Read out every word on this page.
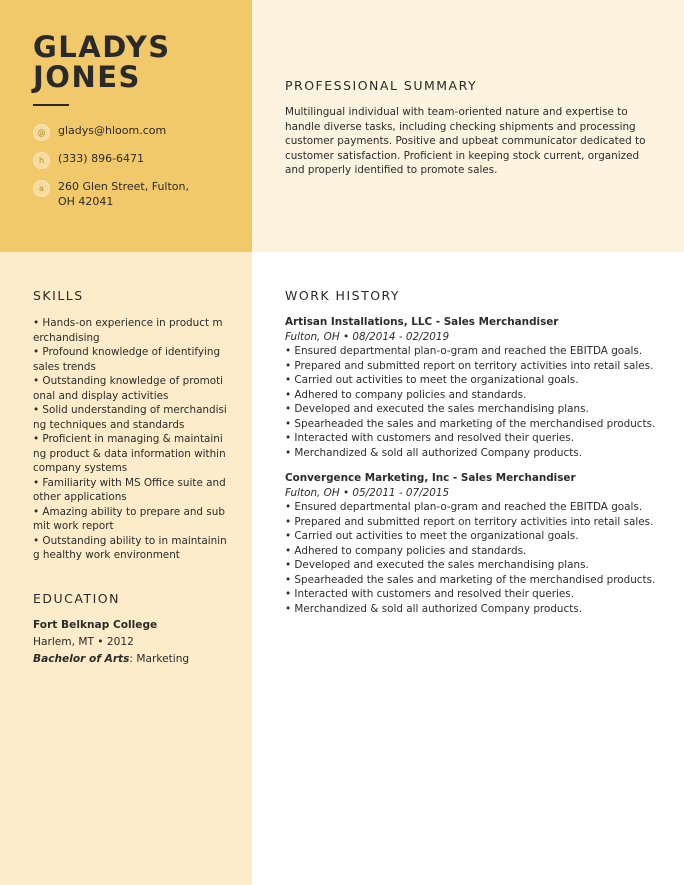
GLADYS
JONES
@	gladys@hloom.com
h	(333) 896-6471
a	260 Glen Street, Fulton, OH 42041
PROFESSIONAL SUMMARY
Multilingual individual with team-oriented nature and expertise to handle diverse tasks, including checking shipments and processing customer payments. Positive and upbeat communicator dedicated to customer satisfaction. Proficient in keeping stock current, organized and properly identified to promote sales.
SKILLS
• Hands-on experience in product merchandising
• Profound knowledge of identifying sales trends
• Outstanding knowledge of promotional and display activities
• Solid understanding of merchandising techniques and standards
• Proficient in managing & maintaining product & data information within company systems
• Familiarity with MS Office suite and other applications
• Amazing ability to prepare and submit work report
• Outstanding ability to in maintaining healthy work environment
EDUCATION
Fort Belknap College
Harlem, MT • 2012
Bachelor of Arts: Marketing
WORK HISTORY
Artisan Installations, LLC - Sales Merchandiser
Fulton, OH • 08/2014 - 02/2019
• Ensured departmental plan-o-gram and reached the EBITDA goals.
• Prepared and submitted report on territory activities into retail sales.
• Carried out activities to meet the organizational goals.
• Adhered to company policies and standards.
• Developed and executed the sales merchandising plans.
• Spearheaded the sales and marketing of the merchandised products.
• Interacted with customers and resolved their queries.
• Merchandized & sold all authorized Company products.
Convergence Marketing, Inc - Sales Merchandiser
Fulton, OH • 05/2011 - 07/2015
• Ensured departmental plan-o-gram and reached the EBITDA goals.
• Prepared and submitted report on territory activities into retail sales.
• Carried out activities to meet the organizational goals.
• Adhered to company policies and standards.
• Developed and executed the sales merchandising plans.
• Spearheaded the sales and marketing of the merchandised products.
• Interacted with customers and resolved their queries.
• Merchandized & sold all authorized Company products.
